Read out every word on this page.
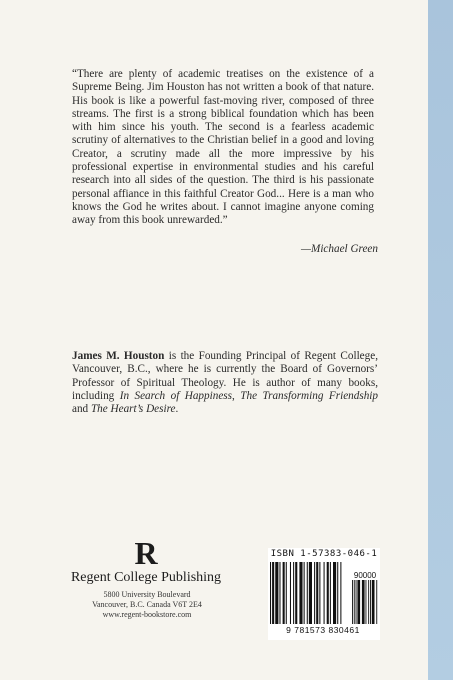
“There are plenty of academic treatises on the existence of a Supreme Being. Jim Houston has not written a book of that nature. His book is like a powerful fast-moving river, composed of three streams. The first is a strong biblical foundation which has been with him since his youth. The second is a fearless academic scrutiny of alternatives to the Christian belief in a good and loving Creator, a scrutiny made all the more impressive by his professional expertise in environmental studies and his careful research into all sides of the question. The third is his passionate personal affiance in this faithful Creator God... Here is a man who knows the God he writes about. I cannot imagine anyone coming away from this book unrewarded.”
—Michael Green
James M. Houston is the Founding Principal of Regent College, Vancouver, B.C., where he is currently the Board of Governors’ Professor of Spiritual Theology. He is author of many books, including In Search of Happiness, The Transforming Friendship and The Heart’s Desire.
R
Regent College Publishing
5800 University Boulevard
Vancouver, B.C. Canada V6T 2E4
www.regent-bookstore.com
ISBN 1-57383-046-1
90000
9 781573 830461
